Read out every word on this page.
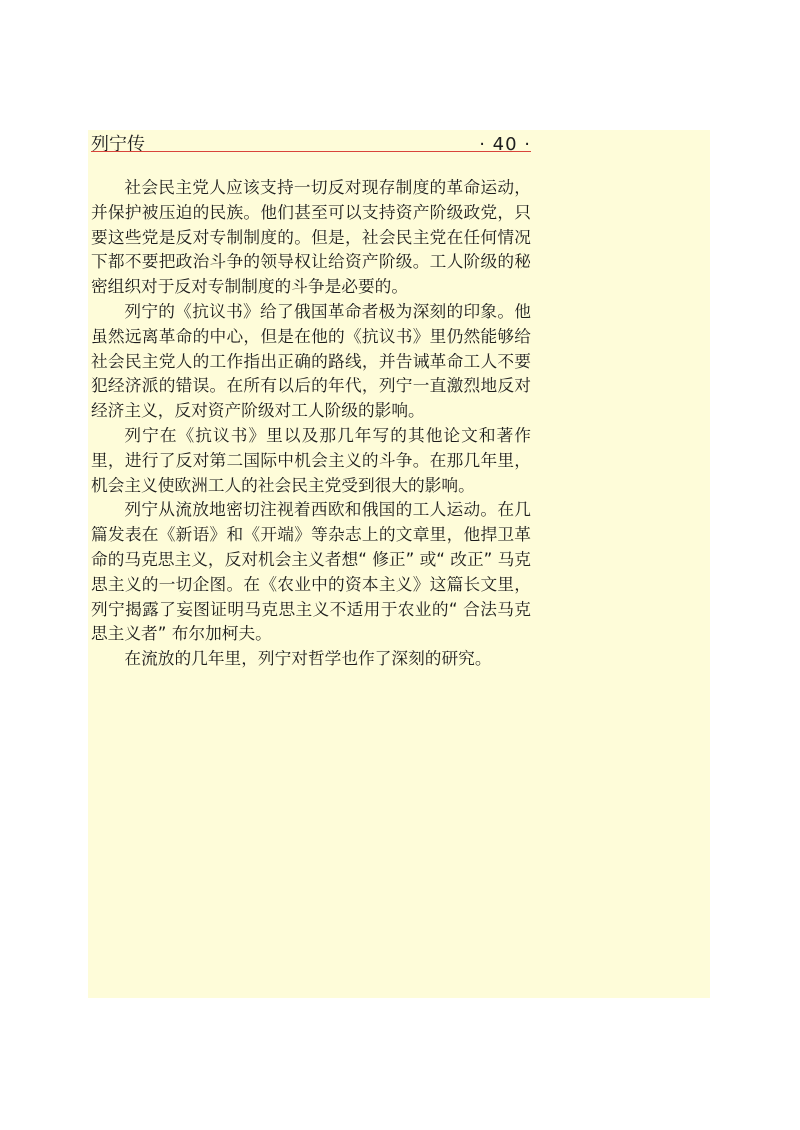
列宁传	· 40 ·

社会民主党人应该支持一切反对现存制度的革命运动，并保护被压迫的民族。他们甚至可以支持资产阶级政党，只要这些党是反对专制制度的。但是，社会民主党在任何情况下都不要把政治斗争的领导权让给资产阶级。工人阶级的秘密组织对于反对专制制度的斗争是必要的。

列宁的《抗议书》给了俄国革命者极为深刻的印象。他虽然远离革命的中心，但是在他的《抗议书》里仍然能够给社会民主党人的工作指出正确的路线，并告诫革命工人不要犯经济派的错误。在所有以后的年代，列宁一直激烈地反对经济主义，反对资产阶级对工人阶级的影响。

列宁在《抗议书》里以及那几年写的其他论文和著作里，进行了反对第二国际中机会主义的斗争。在那几年里，机会主义使欧洲工人的社会民主党受到很大的影响。

列宁从流放地密切注视着西欧和俄国的工人运动。在几篇发表在《新语》和《开端》等杂志上的文章里，他捍卫革命的马克思主义，反对机会主义者想“ 修正” 或“ 改正” 马克思主义的一切企图。在《农业中的资本主义》这篇长文里，列宁揭露了妄图证明马克思主义不适用于农业的“ 合法马克思主义者” 布尔加柯夫。

在流放的几年里，列宁对哲学也作了深刻的研究。
